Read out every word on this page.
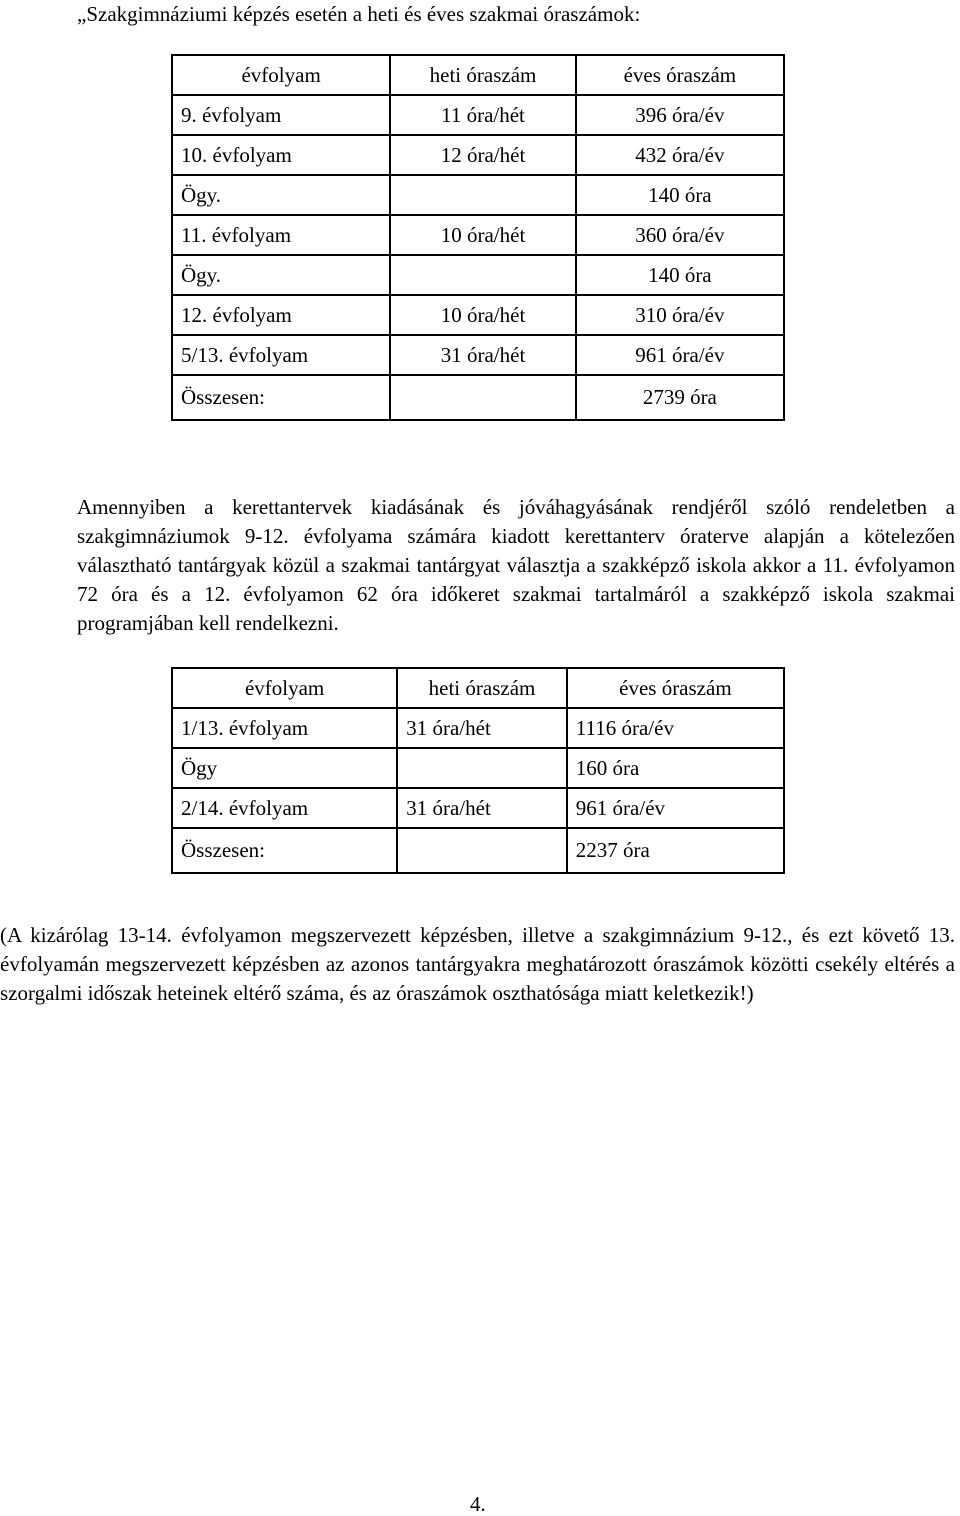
„Szakgimnáziumi képzés esetén a heti és éves szakmai óraszámok:

évfolyam	heti óraszám	éves óraszám
9. évfolyam	11 óra/hét	396 óra/év
10. évfolyam	12 óra/hét	432 óra/év
Ögy.		140 óra
11. évfolyam	10 óra/hét	360 óra/év
Ögy.		140 óra
12. évfolyam	10 óra/hét	310 óra/év
5/13. évfolyam	31 óra/hét	961 óra/év
Összesen:		2739 óra

Amennyiben a kerettantervek kiadásának és jóváhagyásának rendjéről szóló rendeletben a szakgimnáziumok 9-12. évfolyama számára kiadott kerettanterv óraterve alapján a kötelezően választható tantárgyak közül a szakmai tantárgyat választja a szakképző iskola akkor a 11. évfolyamon 72 óra és a 12. évfolyamon 62 óra időkeret szakmai tartalmáról a szakképző iskola szakmai programjában kell rendelkezni.

évfolyam	heti óraszám	éves óraszám
1/13. évfolyam	31 óra/hét	1116 óra/év
Ögy		160 óra
2/14. évfolyam	31 óra/hét	961 óra/év
Összesen:		2237 óra

(A kizárólag 13-14. évfolyamon megszervezett képzésben, illetve a szakgimnázium 9-12., és ezt követő 13. évfolyamán megszervezett képzésben az azonos tantárgyakra meghatározott óraszámok közötti csekély eltérés a szorgalmi időszak heteinek eltérő száma, és az óraszámok oszthatósága miatt keletkezik!)

4.
